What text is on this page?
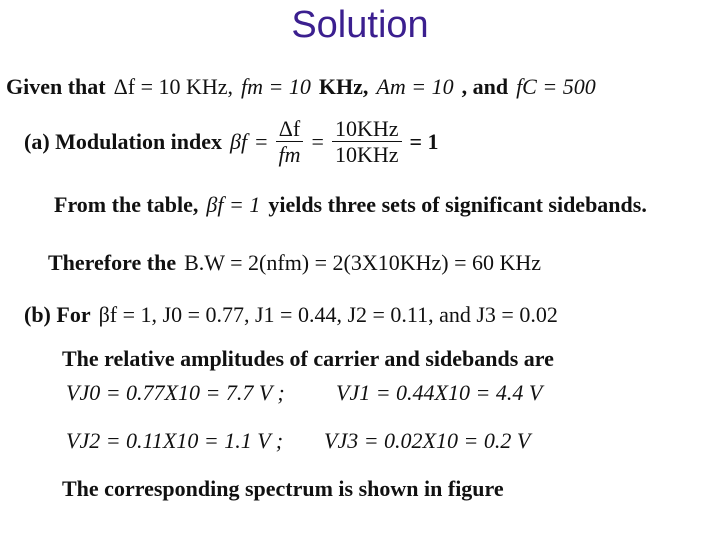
Solution
Given that Δf = 10 KHz, fm = 10 KHz, Am = 10 , and fC = 500
(a) Modulation index $\beta f = \frac{\Delta f}{fm} = \frac{\text{10KHz}}{\text{10KHz}} = 1$
From the table, βf = 1 yields three sets of significant sidebands.
Therefore the B.W = 2(nfm) = 2(3X10KHz) = 60 KHz
(b) For βf = 1, J0 = 0.77, J1 = 0.44, J2 = 0.11, and J3 = 0.02
The relative amplitudes of carrier and sidebands are
VJ0 = 0.77X10 = 7.7 V ; VJ1 = 0.44X10 = 4.4 V
VJ2 = 0.11X10 = 1.1 V ; VJ3 = 0.02X10 = 0.2 V
The corresponding spectrum is shown in figure
